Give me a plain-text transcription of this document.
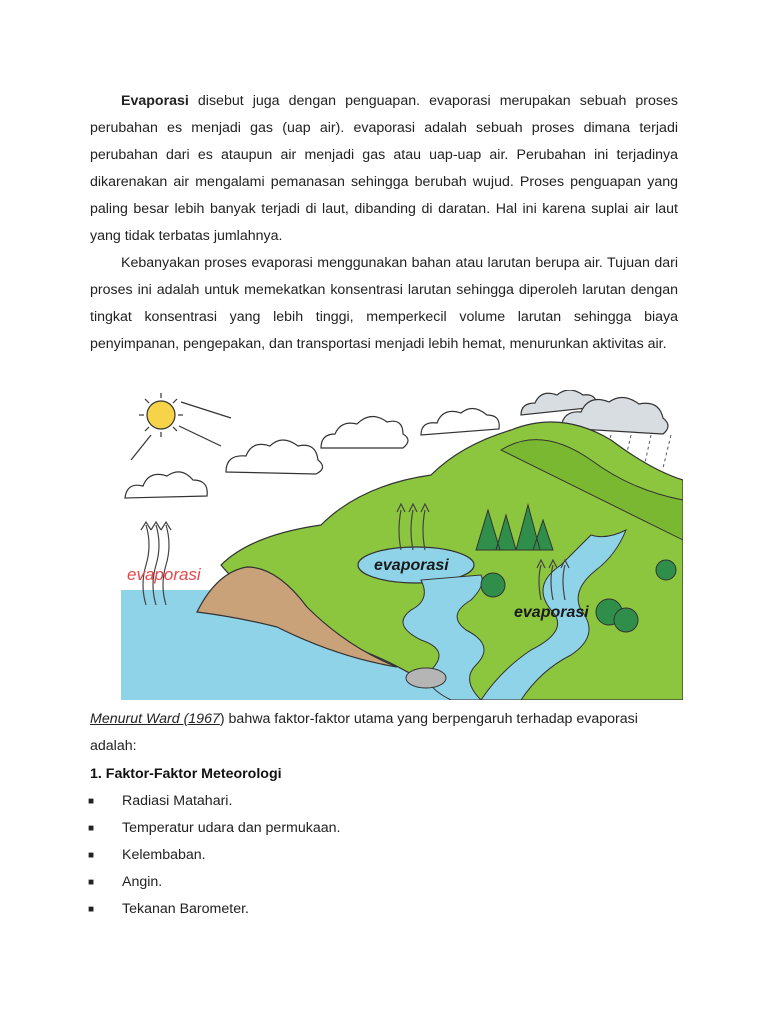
Evaporasi disebut juga dengan penguapan. evaporasi merupakan sebuah proses perubahan es menjadi gas (uap air). evaporasi adalah sebuah proses dimana terjadi perubahan dari es ataupun air menjadi gas atau uap-uap air. Perubahan ini terjadinya dikarenakan air mengalami pemanasan sehingga berubah wujud. Proses penguapan yang paling besar lebih banyak terjadi di laut, dibanding di daratan. Hal ini karena suplai air laut yang tidak terbatas jumlahnya.

Kebanyakan proses evaporasi menggunakan bahan atau larutan berupa air. Tujuan dari proses ini adalah untuk memekatkan konsentrasi larutan sehingga diperoleh larutan dengan tingkat konsentrasi yang lebih tinggi, memperkecil volume larutan sehingga biaya penyimpanan, pengepakan, dan transportasi menjadi lebih hemat, menurunkan aktivitas air.

evaporasi	evaporasi
evaporasi
Menurut Ward (1967) bahwa faktor-faktor utama yang berpengaruh terhadap evaporasi adalah:
1. Faktor-Faktor Meteorologi
■ Radiasi Matahari.
■ Temperatur udara dan permukaan.
■ Kelembaban.
■ Angin.
■ Tekanan Barometer.
